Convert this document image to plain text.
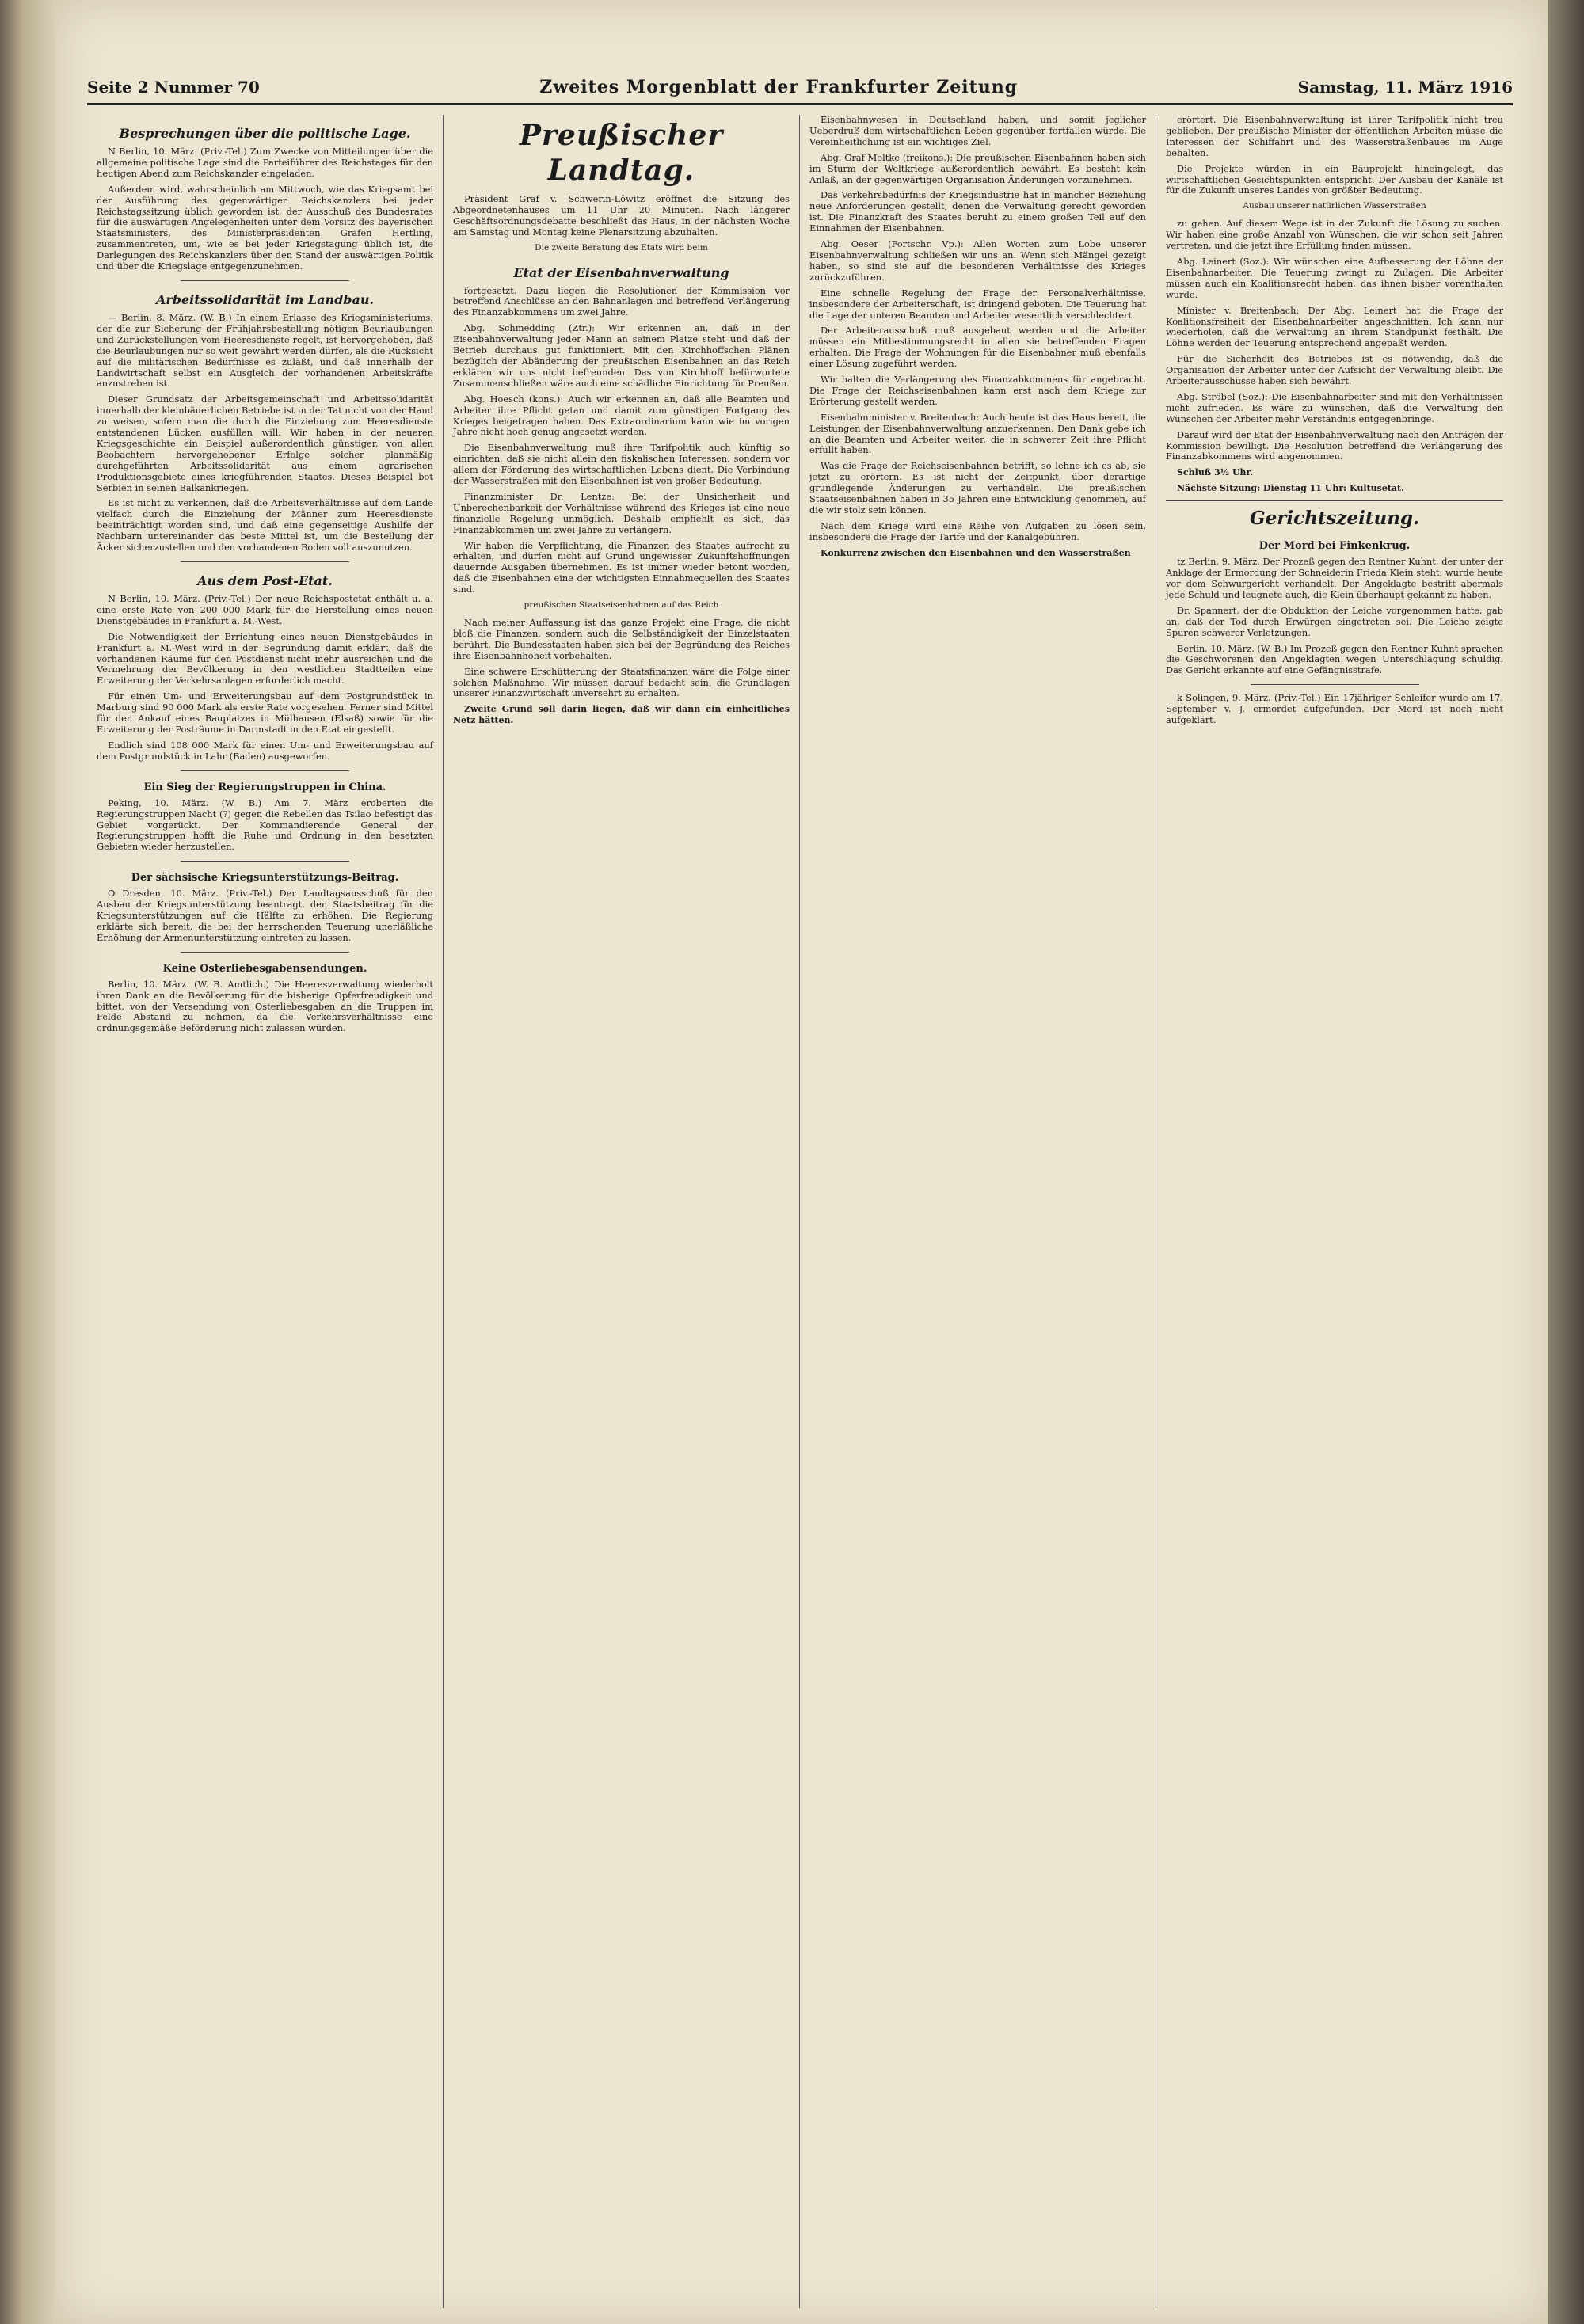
Seite 2 Nummer 70	Zweites Morgenblatt der Frankfurter Zeitung	Samstag, 11. März 1916
Besprechungen über die politische Lage.

N Berlin, 10. März. (Priv.-Tel.) Zum Zwecke von Mitteilungen über die allgemeine politische Lage sind die Parteiführer des Reichstages für den heutigen Abend zum Reichskanzler eingeladen.

Außerdem wird, wahrscheinlich am Mittwoch, wie das Kriegsamt bei der Ausführung des gegenwärtigen Reichskanzlers bei jeder Reichstagssitzung üblich geworden ist, der Ausschuß des Bundesrates für die auswärtigen Angelegenheiten unter dem Vorsitz des bayerischen Staatsministers, des Ministerpräsidenten Grafen Hertling, zusammentreten, um, wie es bei jeder Kriegstagung üblich ist, die Darlegungen des Reichskanzlers über den Stand der auswärtigen Politik und über die Kriegslage entgegenzunehmen.

Arbeitssolidarität im Landbau.

— Berlin, 8. März. (W. B.) In einem Erlasse des Kriegsministeriums, der die zur Sicherung der Frühjahrsbestellung nötigen Beurlaubungen und Zurückstellungen vom Heeresdienste regelt, ist hervorgehoben, daß die Beurlaubungen nur so weit gewährt werden dürfen, als die Rücksicht auf die militärischen Bedürfnisse es zuläßt, und daß innerhalb der Landwirtschaft selbst ein Ausgleich der vorhandenen Arbeitskräfte anzustreben ist.

Dieser Grundsatz der Arbeitsgemeinschaft und Arbeitssolidarität innerhalb der kleinbäuerlichen Betriebe ist in der Tat nicht von der Hand zu weisen, sofern man die durch die Einziehung zum Heeresdienste entstandenen Lücken ausfüllen will. Wir haben in der neueren Kriegsgeschichte ein Beispiel außerordentlich günstiger, von allen Beobachtern hervorgehobener Erfolge solcher planmäßig durchgeführten Arbeitssolidarität aus einem agrarischen Produktionsgebiete eines kriegführenden Staates. Dieses Beispiel bot Serbien in seinen Balkankriegen.

Es ist nicht zu verkennen, daß die Arbeitsverhältnisse auf dem Lande vielfach durch die Einziehung der Männer zum Heeresdienste beeinträchtigt worden sind, und daß eine gegenseitige Aushilfe der Nachbarn untereinander das beste Mittel ist, um die Bestellung der Äcker sicherzustellen und den vorhandenen Boden voll auszunutzen.

Aus dem Post-Etat.

N Berlin, 10. März. (Priv.-Tel.) Der neue Reichspostetat enthält u. a. eine erste Rate von 200 000 Mark für die Herstellung eines neuen Dienstgebäudes in Frankfurt a. M.-West.

Die Notwendigkeit der Errichtung eines neuen Dienstgebäudes in Frankfurt a. M.-West wird in der Begründung damit erklärt, daß die vorhandenen Räume für den Postdienst nicht mehr ausreichen und die Vermehrung der Bevölkerung in den westlichen Stadtteilen eine Erweiterung der Verkehrsanlagen erforderlich macht.

Für einen Um- und Erweiterungsbau auf dem Postgrundstück in Marburg sind 90 000 Mark als erste Rate vorgesehen. Ferner sind Mittel für den Ankauf eines Bauplatzes in Mülhausen (Elsaß) sowie für die Erweiterung der Posträume in Darmstadt in den Etat eingestellt.

Endlich sind 108 000 Mark für einen Um- und Erweiterungsbau auf dem Postgrundstück in Lahr (Baden) ausgeworfen.

Ein Sieg der Regierungstruppen in China.

Peking, 10. März. (W. B.) Am 7. März eroberten die Regierungstruppen Nacht (?) gegen die Rebellen das Tsilao befestigt das Gebiet vorgerückt. Der Kommandierende General der Regierungstruppen hofft die Ruhe und Ordnung in den besetzten Gebieten wieder herzustellen.

Der sächsische Kriegsunterstützungs-Beitrag.

O Dresden, 10. März. (Priv.-Tel.) Der Landtagsausschuß für den Ausbau der Kriegsunterstützung beantragt, den Staatsbeitrag für die Kriegsunterstützungen auf die Hälfte zu erhöhen. Die Regierung erklärte sich bereit, die bei der herrschenden Teuerung unerläßliche Erhöhung der Armenunterstützung eintreten zu lassen.

Keine Osterliebesgabensendungen.

Berlin, 10. März. (W. B. Amtlich.) Die Heeresverwaltung wiederholt ihren Dank an die Bevölkerung für die bisherige Opferfreudigkeit und bittet, von der Versendung von Osterliebesgaben an die Truppen im Felde Abstand zu nehmen, da die Verkehrsverhältnisse eine ordnungsgemäße Beförderung nicht zulassen würden.

Preußischer Landtag.

Präsident Graf v. Schwerin-Löwitz eröffnet die Sitzung des Abgeordnetenhauses um 11 Uhr 20 Minuten. Nach längerer Geschäftsordnungsdebatte beschließt das Haus, in der nächsten Woche am Samstag und Montag keine Plenarsitzung abzuhalten.

Die zweite Beratung des Etats wird beim

Etat der Eisenbahnverwaltung

fortgesetzt. Dazu liegen die Resolutionen der Kommission vor betreffend Anschlüsse an den Bahnanlagen und betreffend Verlängerung des Finanzabkommens um zwei Jahre.

Abg. Schmedding (Ztr.): Wir erkennen an, daß in der Eisenbahnverwaltung jeder Mann an seinem Platze steht und daß der Betrieb durchaus gut funktioniert. Mit den Kirchhoffschen Plänen bezüglich der Abänderung der preußischen Eisenbahnen an das Reich erklären wir uns nicht befreunden. Das von Kirchhoff befürwortete Zusammenschließen wäre auch eine schädliche Einrichtung für Preußen.

Abg. Hoesch (kons.): Auch wir erkennen an, daß alle Beamten und Arbeiter ihre Pflicht getan und damit zum günstigen Fortgang des Krieges beigetragen haben. Das Extraordinarium kann wie im vorigen Jahre nicht hoch genug angesetzt werden.

Die Eisenbahnverwaltung muß ihre Tarifpolitik auch künftig so einrichten, daß sie nicht allein den fiskalischen Interessen, sondern vor allem der Förderung des wirtschaftlichen Lebens dient. Die Verbindung der Wasserstraßen mit den Eisenbahnen ist von großer Bedeutung.

Finanzminister Dr. Lentze: Bei der Unsicherheit und Unberechenbarkeit der Verhältnisse während des Krieges ist eine neue finanzielle Regelung unmöglich. Deshalb empfiehlt es sich, das Finanzabkommen um zwei Jahre zu verlängern.

Wir haben die Verpflichtung, die Finanzen des Staates aufrecht zu erhalten, und dürfen nicht auf Grund ungewisser Zukunftshoffnungen dauernde Ausgaben übernehmen. Es ist immer wieder betont worden, daß die Eisenbahnen eine der wichtigsten Einnahmequellen des Staates sind.

preußischen Staatseisenbahnen auf das Reich

Nach meiner Auffassung ist das ganze Projekt eine Frage, die nicht bloß die Finanzen, sondern auch die Selbständigkeit der Einzelstaaten berührt. Die Bundesstaaten haben sich bei der Begründung des Reiches ihre Eisenbahnhoheit vorbehalten.

Eine schwere Erschütterung der Staatsfinanzen wäre die Folge einer solchen Maßnahme. Wir müssen darauf bedacht sein, die Grundlagen unserer Finanzwirtschaft unversehrt zu erhalten.

Zweite Grund soll darin liegen, daß wir dann ein einheitliches Netz hätten.

Eisenbahnwesen in Deutschland haben, und somit jeglicher Ueberdruß dem wirtschaftlichen Leben gegenüber fortfallen würde. Die Vereinheitlichung ist ein wichtiges Ziel.

Abg. Graf Moltke (freikons.): Die preußischen Eisenbahnen haben sich im Sturm der Weltkriege außerordentlich bewährt. Es besteht kein Anlaß, an der gegenwärtigen Organisation Änderungen vorzunehmen.

Das Verkehrsbedürfnis der Kriegsindustrie hat in mancher Beziehung neue Anforderungen gestellt, denen die Verwaltung gerecht geworden ist. Die Finanzkraft des Staates beruht zu einem großen Teil auf den Einnahmen der Eisenbahnen.

Abg. Oeser (Fortschr. Vp.): Allen Worten zum Lobe unserer Eisenbahnverwaltung schließen wir uns an. Wenn sich Mängel gezeigt haben, so sind sie auf die besonderen Verhältnisse des Krieges zurückzuführen.

Eine schnelle Regelung der Frage der Personalverhältnisse, insbesondere der Arbeiterschaft, ist dringend geboten. Die Teuerung hat die Lage der unteren Beamten und Arbeiter wesentlich verschlechtert.

Der Arbeiterausschuß muß ausgebaut werden und die Arbeiter müssen ein Mitbestimmungsrecht in allen sie betreffenden Fragen erhalten. Die Frage der Wohnungen für die Eisenbahner muß ebenfalls einer Lösung zugeführt werden.

Wir halten die Verlängerung des Finanzabkommens für angebracht. Die Frage der Reichseisenbahnen kann erst nach dem Kriege zur Erörterung gestellt werden.

Eisenbahnminister v. Breitenbach: Auch heute ist das Haus bereit, die Leistungen der Eisenbahnverwaltung anzuerkennen. Den Dank gebe ich an die Beamten und Arbeiter weiter, die in schwerer Zeit ihre Pflicht erfüllt haben.

Was die Frage der Reichseisenbahnen betrifft, so lehne ich es ab, sie jetzt zu erörtern. Es ist nicht der Zeitpunkt, über derartige grundlegende Änderungen zu verhandeln. Die preußischen Staatseisenbahnen haben in 35 Jahren eine Entwicklung genommen, auf die wir stolz sein können.

Nach dem Kriege wird eine Reihe von Aufgaben zu lösen sein, insbesondere die Frage der Tarife und der Kanalgebühren.

Konkurrenz zwischen den Eisenbahnen und den Wasserstraßen

erörtert. Die Eisenbahnverwaltung ist ihrer Tarifpolitik nicht treu geblieben. Der preußische Minister der öffentlichen Arbeiten müsse die Interessen der Schiffahrt und des Wasserstraßenbaues im Auge behalten.

Die Projekte würden in ein Bauprojekt hineingelegt, das wirtschaftlichen Gesichtspunkten entspricht. Der Ausbau der Kanäle ist für die Zukunft unseres Landes von größter Bedeutung.

Ausbau unserer natürlichen Wasserstraßen

zu gehen. Auf diesem Wege ist in der Zukunft die Lösung zu suchen. Wir haben eine große Anzahl von Wünschen, die wir schon seit Jahren vertreten, und die jetzt ihre Erfüllung finden müssen.

Abg. Leinert (Soz.): Wir wünschen eine Aufbesserung der Löhne der Eisenbahnarbeiter. Die Teuerung zwingt zu Zulagen. Die Arbeiter müssen auch ein Koalitionsrecht haben, das ihnen bisher vorenthalten wurde.

Minister v. Breitenbach: Der Abg. Leinert hat die Frage der Koalitionsfreiheit der Eisenbahnarbeiter angeschnitten. Ich kann nur wiederholen, daß die Verwaltung an ihrem Standpunkt festhält. Die Löhne werden der Teuerung entsprechend angepaßt werden.

Für die Sicherheit des Betriebes ist es notwendig, daß die Organisation der Arbeiter unter der Aufsicht der Verwaltung bleibt. Die Arbeiterausschüsse haben sich bewährt.

Abg. Ströbel (Soz.): Die Eisenbahnarbeiter sind mit den Verhältnissen nicht zufrieden. Es wäre zu wünschen, daß die Verwaltung den Wünschen der Arbeiter mehr Verständnis entgegenbringe.

Darauf wird der Etat der Eisenbahnverwaltung nach den Anträgen der Kommission bewilligt. Die Resolution betreffend die Verlängerung des Finanzabkommens wird angenommen.

Schluß 3½ Uhr.

Nächste Sitzung: Dienstag 11 Uhr: Kultusetat.

Gerichtszeitung.
Der Mord bei Finkenkrug.

tz Berlin, 9. März. Der Prozeß gegen den Rentner Kuhnt, der unter der Anklage der Ermordung der Schneiderin Frieda Klein steht, wurde heute vor dem Schwurgericht verhandelt. Der Angeklagte bestritt abermals jede Schuld und leugnete auch, die Klein überhaupt gekannt zu haben.

Dr. Spannert, der die Obduktion der Leiche vorgenommen hatte, gab an, daß der Tod durch Erwürgen eingetreten sei. Die Leiche zeigte Spuren schwerer Verletzungen.

Berlin, 10. März. (W. B.) Im Prozeß gegen den Rentner Kuhnt sprachen die Geschworenen den Angeklagten wegen Unterschlagung schuldig. Das Gericht erkannte auf eine Gefängnisstrafe.

k Solingen, 9. März. (Priv.-Tel.) Ein 17jähriger Schleifer wurde am 17. September v. J. ermordet aufgefunden. Der Mord ist noch nicht aufgeklärt.
